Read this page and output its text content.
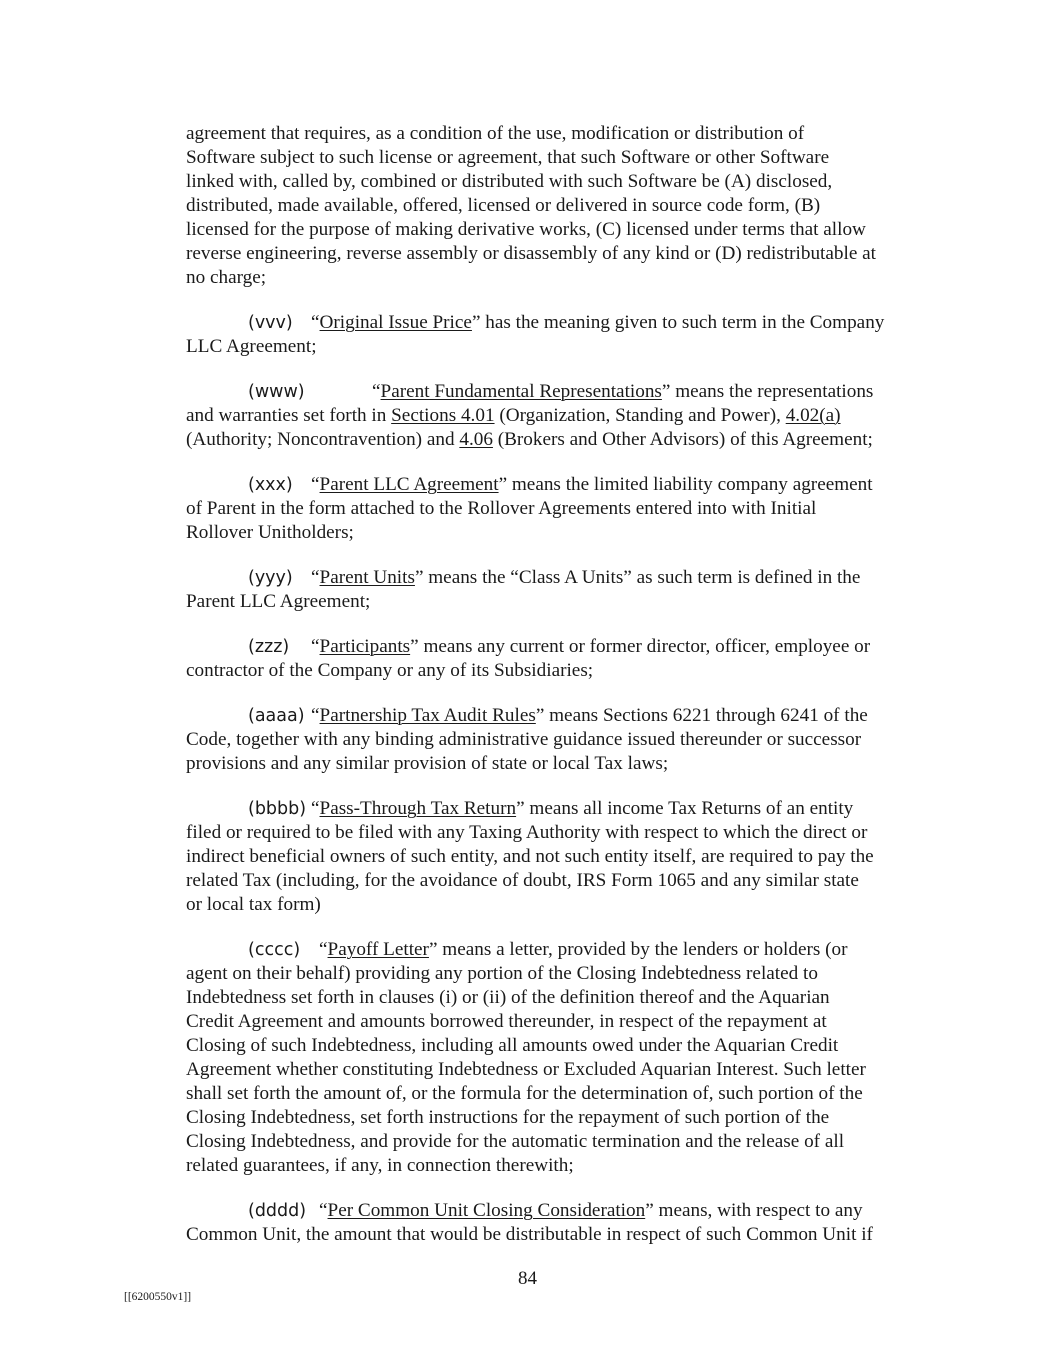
agreement that requires, as a condition of the use, modification or distribution of
Software subject to such license or agreement, that such Software or other Software
linked with, called by, combined or distributed with such Software be (A) disclosed,
distributed, made available, offered, licensed or delivered in source code form, (B)
licensed for the purpose of making derivative works, (C) licensed under terms that allow
reverse engineering, reverse assembly or disassembly of any kind or (D) redistributable at
no charge;
(vvv) “Original Issue Price” has the meaning given to such term in the Company
LLC Agreement;
(www)	“Parent Fundamental Representations” means the representations
and warranties set forth in Sections 4.01 (Organization, Standing and Power), 4.02(a)
(Authority; Noncontravention) and 4.06 (Brokers and Other Advisors) of this Agreement;
(xxx) “Parent LLC Agreement” means the limited liability company agreement
of Parent in the form attached to the Rollover Agreements entered into with Initial
Rollover Unitholders;
(yyy) “Parent Units” means the “Class A Units” as such term is defined in the
Parent LLC Agreement;
(zzz) “Participants” means any current or former director, officer, employee or
contractor of the Company or any of its Subsidiaries;
(aaaa) “Partnership Tax Audit Rules” means Sections 6221 through 6241 of the
Code, together with any binding administrative guidance issued thereunder or successor
provisions and any similar provision of state or local Tax laws;
(bbbb) “Pass-Through Tax Return” means all income Tax Returns of an entity
filed or required to be filed with any Taxing Authority with respect to which the direct or
indirect beneficial owners of such entity, and not such entity itself, are required to pay the
related Tax (including, for the avoidance of doubt, IRS Form 1065 and any similar state
or local tax form)
(cccc) “Payoff Letter” means a letter, provided by the lenders or holders (or
agent on their behalf) providing any portion of the Closing Indebtedness related to
Indebtedness set forth in clauses (i) or (ii) of the definition thereof and the Aquarian
Credit Agreement and amounts borrowed thereunder, in respect of the repayment at
Closing of such Indebtedness, including all amounts owed under the Aquarian Credit
Agreement whether constituting Indebtedness or Excluded Aquarian Interest. Such letter
shall set forth the amount of, or the formula for the determination of, such portion of the
Closing Indebtedness, set forth instructions for the repayment of such portion of the
Closing Indebtedness, and provide for the automatic termination and the release of all
related guarantees, if any, in connection therewith;
(dddd) “Per Common Unit Closing Consideration” means, with respect to any
Common Unit, the amount that would be distributable in respect of such Common Unit if
84
[[6200550v1]]
